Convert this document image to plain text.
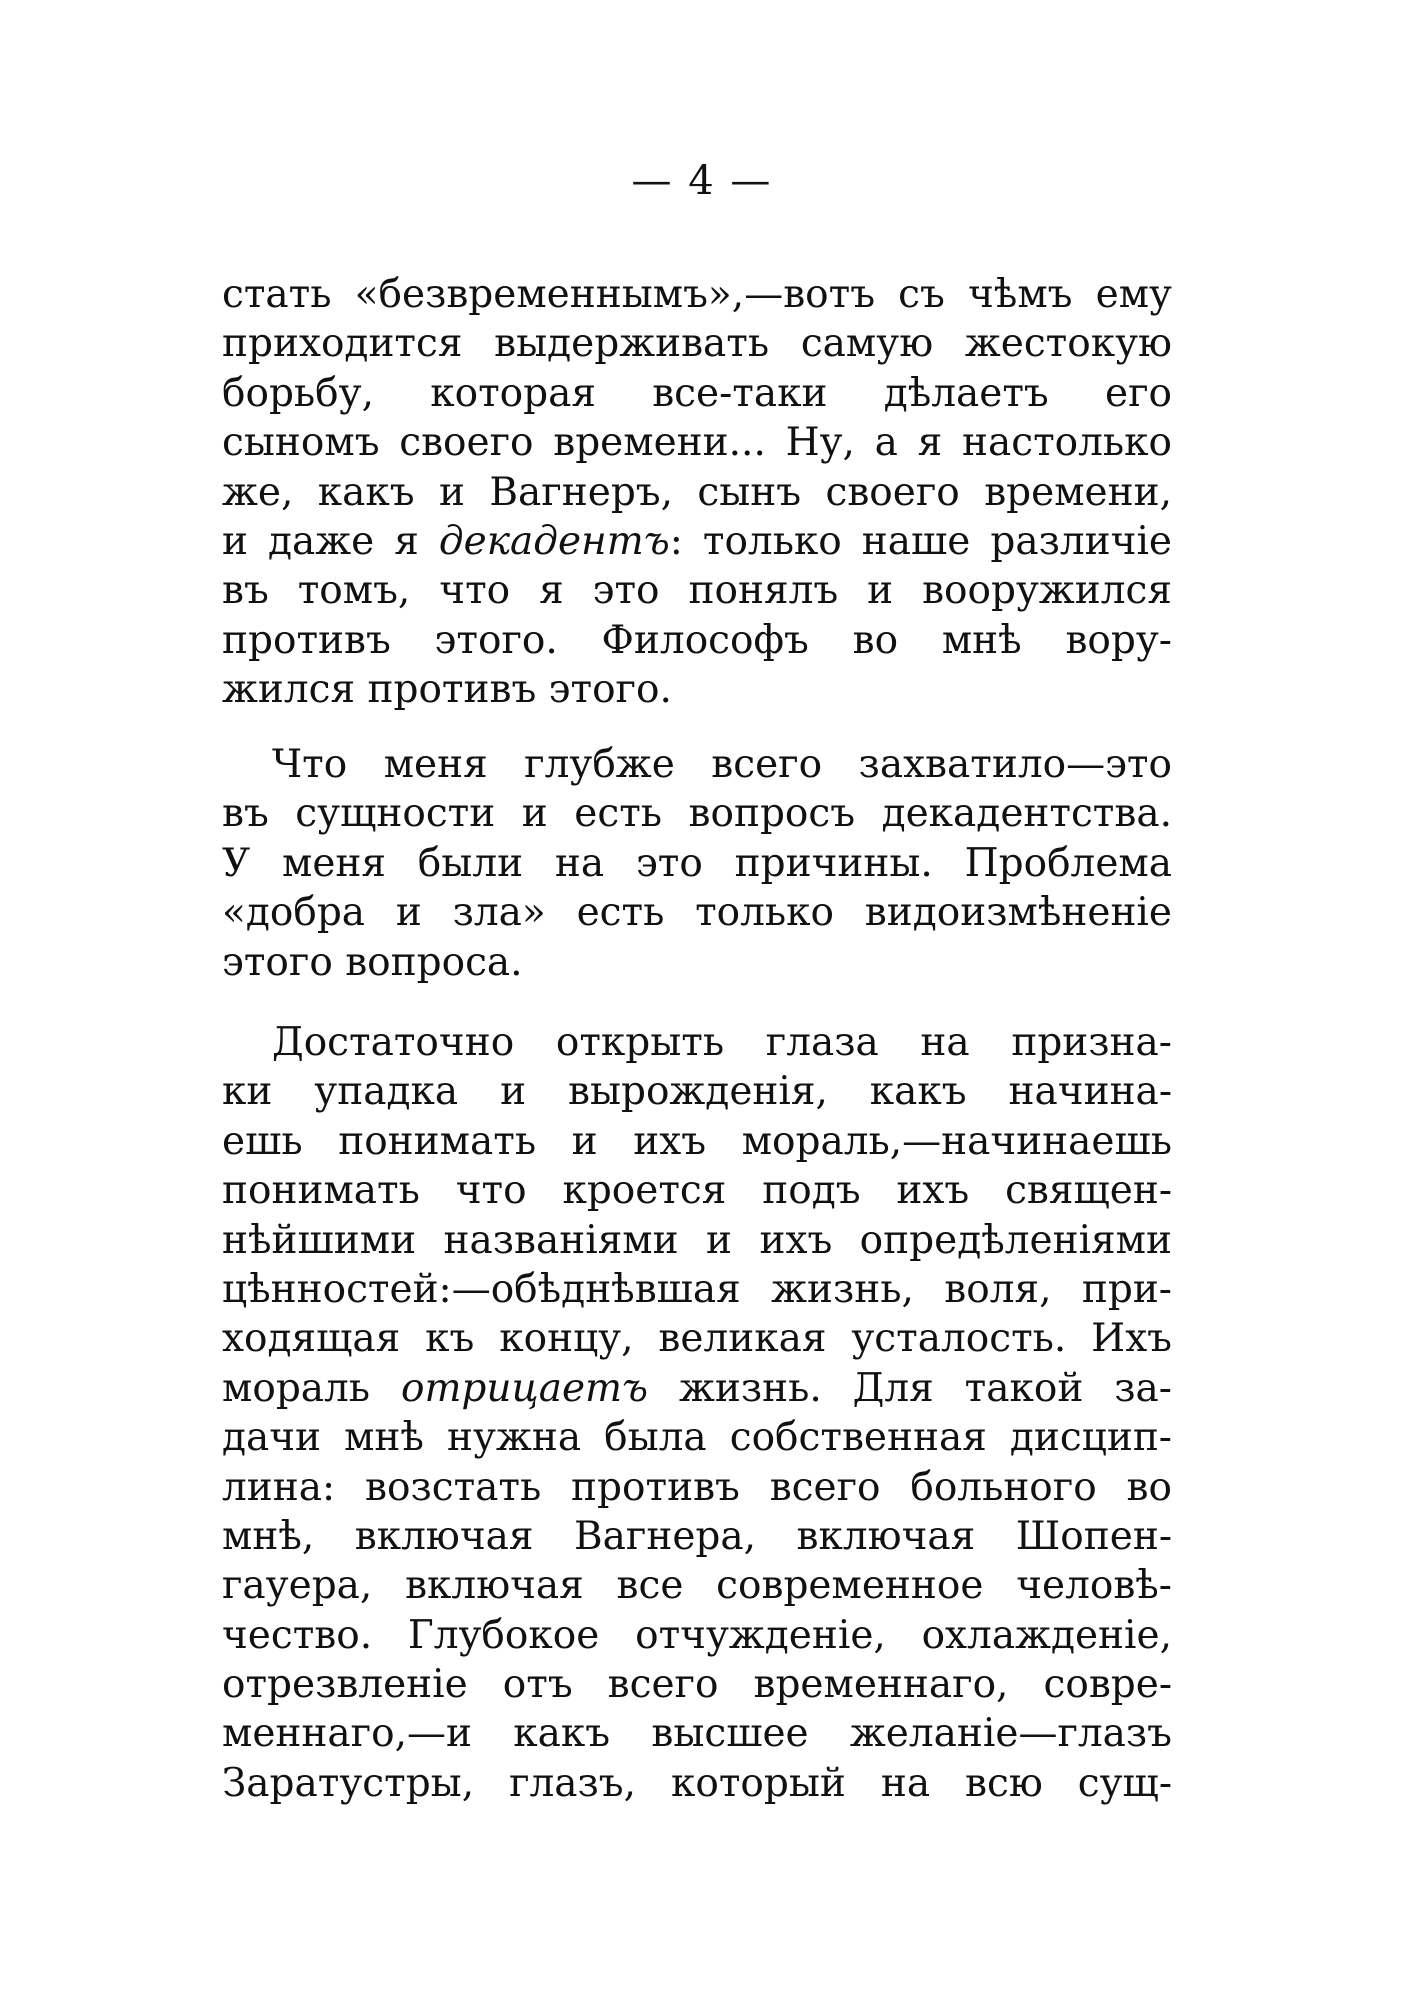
— 4 —
стать «безвременнымъ»,—вотъ съ чѣмъ ему
приходится выдерживать самую жестокую
борьбу, которая все-таки дѣлаетъ его
сыномъ своего времени... Ну, а я настолько
же, какъ и Вагнеръ, сынъ своего времени,
и даже я декадентъ: только наше различіе
въ томъ, что я это понялъ и вооружился
противъ этого. Философъ во мнѣ вору-
жился противъ этого.
Что меня глубже всего захватило—это
въ сущности и есть вопросъ декадентства.
У меня были на это причины. Проблема
«добра и зла» есть только видоизмѣненіе
этого вопроса.
Достаточно открыть глаза на призна-
ки упадка и вырожденія, какъ начина-
ешь понимать и ихъ мораль,—начинаешь
понимать что кроется подъ ихъ священ-
нѣйшими названіями и ихъ опредѣленіями
цѣнностей:—обѣднѣвшая жизнь, воля, при-
ходящая къ концу, великая усталость. Ихъ
мораль отрицаетъ жизнь. Для такой за-
дачи мнѣ нужна была собственная дисцип-
лина: возстать противъ всего больного во
мнѣ, включая Вагнера, включая Шопен-
гауера, включая все современное человѣ-
чество. Глубокое отчужденіе, охлажденіе,
отрезвленіе отъ всего временнаго, совре-
меннаго,—и какъ высшее желаніе—глазъ
Заратустры, глазъ, который на всю сущ-
